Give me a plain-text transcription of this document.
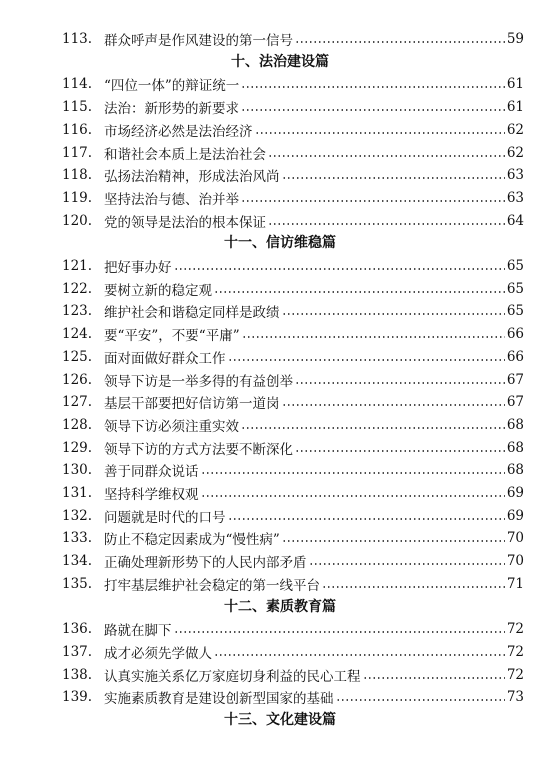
113. 群众呼声是作风建设的第一信号	59
十、法治建设篇
114. “四位一体”的辩证统一	61
115. 法治：新形势的新要求	61
116. 市场经济必然是法治经济	62
117. 和谐社会本质上是法治社会	62
118. 弘扬法治精神，形成法治风尚	63
119. 坚持法治与德、治并举	63
120. 党的领导是法治的根本保证	64
十一、信访维稳篇
121. 把好事办好	65
122. 要树立新的稳定观	65
123. 维护社会和谐稳定同样是政绩	65
124. 要“平安”，不要“平庸”	66
125. 面对面做好群众工作	66
126. 领导下访是一举多得的有益创举	67
127. 基层干部要把好信访第一道岗	67
128. 领导下访必须注重实效	68
129. 领导下访的方式方法要不断深化	68
130. 善于同群众说话	68
131. 坚持科学维权观	69
132. 问题就是时代的口号	69
133. 防止不稳定因素成为“慢性病”	70
134. 正确处理新形势下的人民内部矛盾	70
135. 打牢基层维护社会稳定的第一线平台	71
十二、素质教育篇
136. 路就在脚下	72
137. 成才必须先学做人	72
138. 认真实施关系亿万家庭切身利益的民心工程	72
139. 实施素质教育是建设创新型国家的基础	73
十三、文化建设篇
